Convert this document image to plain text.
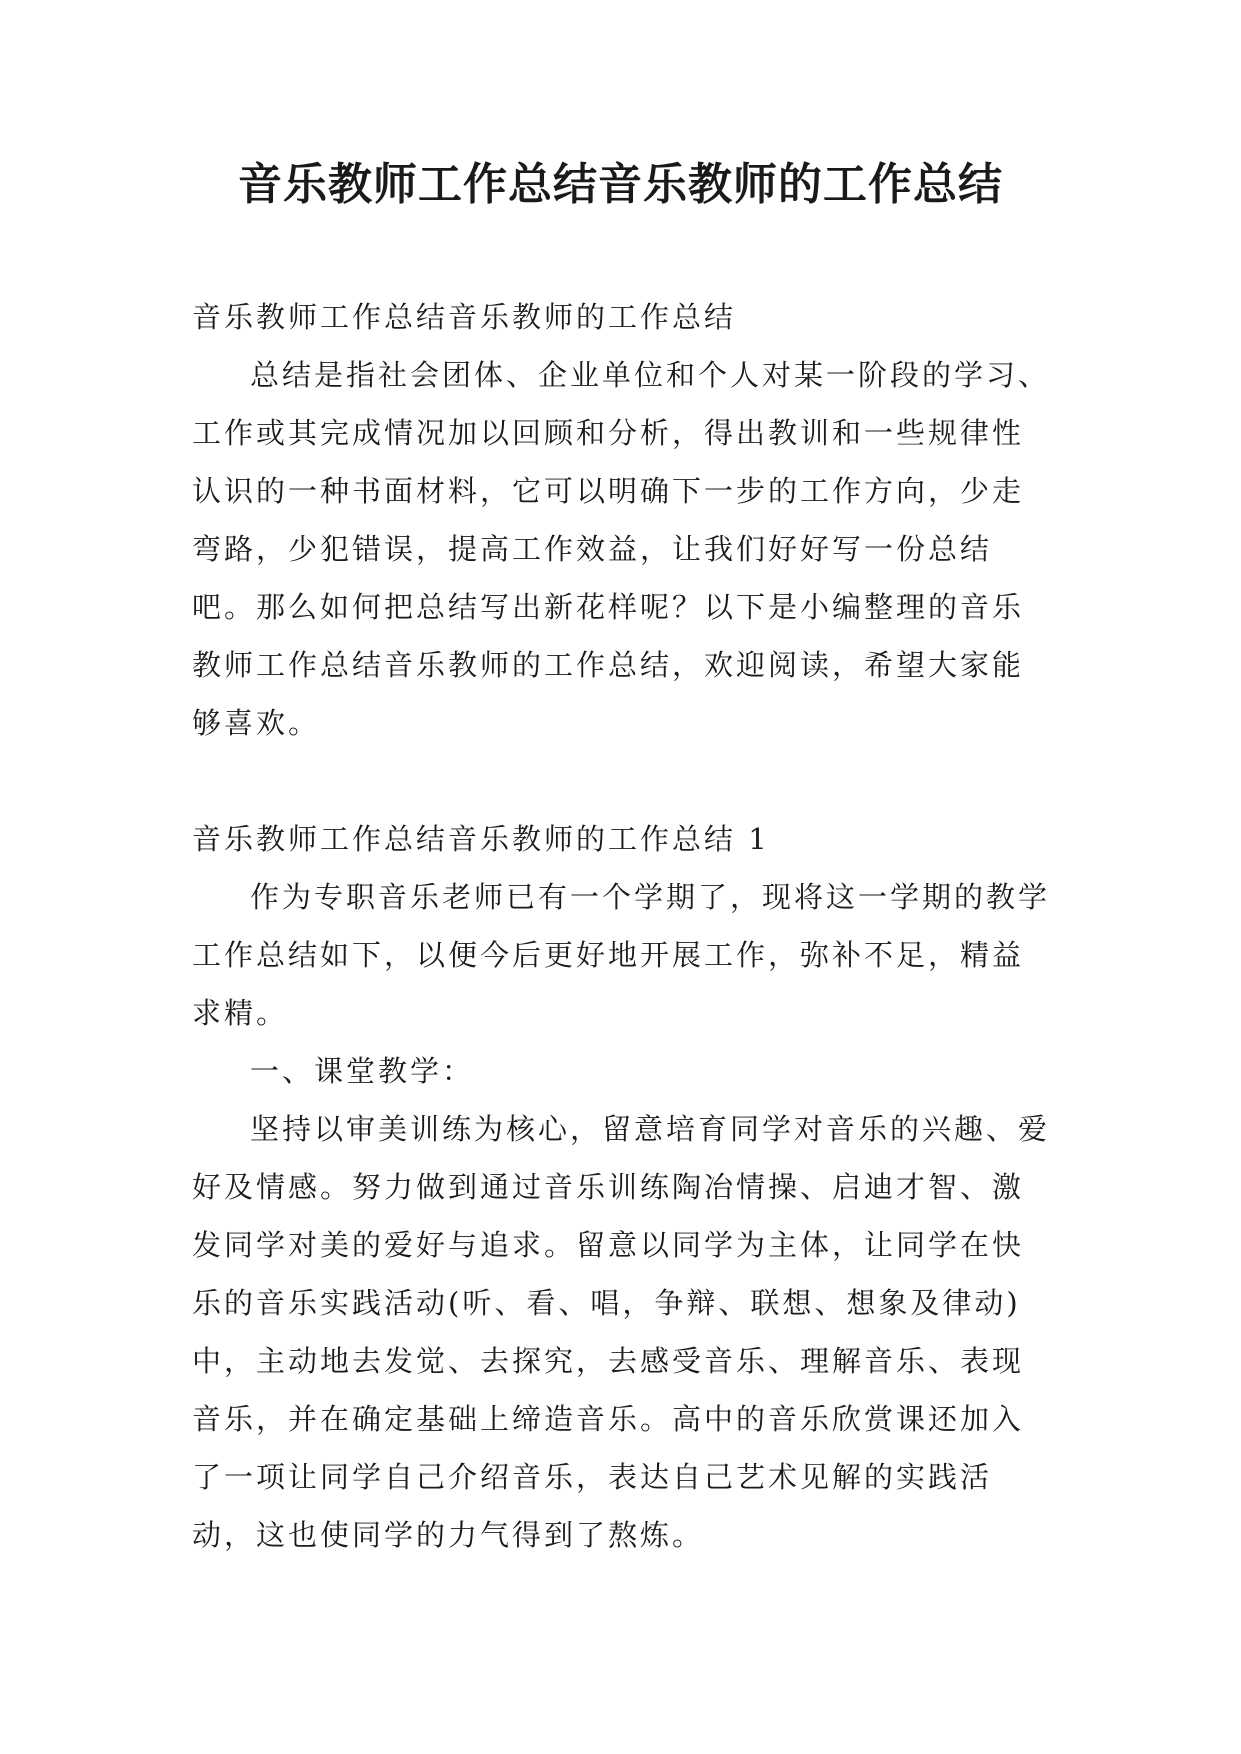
音乐教师工作总结音乐教师的工作总结

音乐教师工作总结音乐教师的工作总结

总结是指社会团体、企业单位和个人对某一阶段的学习、工作或其完成情况加以回顾和分析，得出教训和一些规律性认识的一种书面材料，它可以明确下一步的工作方向，少走弯路，少犯错误，提高工作效益，让我们好好写一份总结吧。那么如何把总结写出新花样呢？以下是小编整理的音乐教师工作总结音乐教师的工作总结，欢迎阅读，希望大家能够喜欢。

音乐教师工作总结音乐教师的工作总结 1

作为专职音乐老师已有一个学期了，现将这一学期的教学工作总结如下，以便今后更好地开展工作，弥补不足，精益求精。

一、课堂教学：

坚持以审美训练为核心，留意培育同学对音乐的兴趣、爱好及情感。努力做到通过音乐训练陶冶情操、启迪才智、激发同学对美的爱好与追求。留意以同学为主体，让同学在快乐的音乐实践活动(听、看、唱，争辩、联想、想象及律动)中，主动地去发觉、去探究，去感受音乐、理解音乐、表现音乐，并在确定基础上缔造音乐。高中的音乐欣赏课还加入了一项让同学自己介绍音乐，表达自己艺术见解的实践活动，这也使同学的力气得到了熬炼。
